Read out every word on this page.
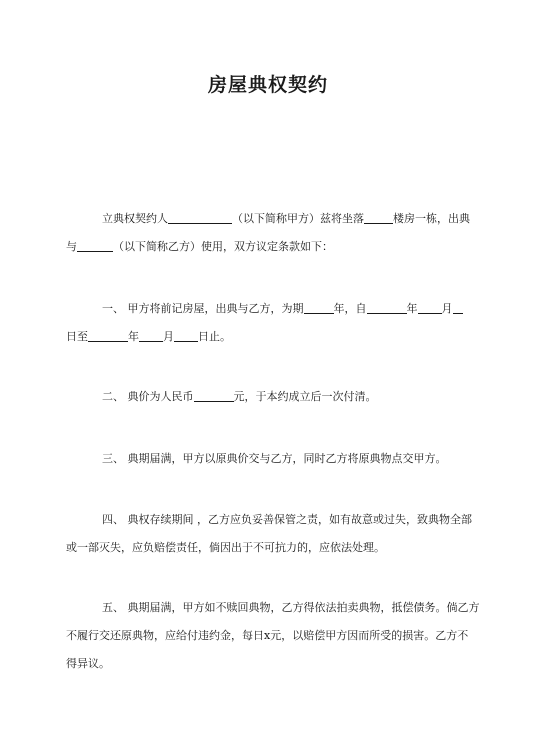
房屋典权契约
立典权契约人	（以下简称甲方）兹将坐落	楼房一栋，出典
与	（以下简称乙方）使用，双方议定条款如下：
一、 甲方将前记房屋，出典与乙方，为期	年，自	年 月
日至	年 月 日止。
二、 典价为人民币	元，于本约成立后一次付清。
三、 典期届满，甲方以原典价交与乙方，同时乙方将原典物点交甲方。
四、 典权存续期间 ，乙方应负妥善保管之责，如有故意或过失，致典物全部
或一部灭失，应负赔偿责任，倘因出于不可抗力的，应依法处理。
五、 典期届满，甲方如不赎回典物，乙方得依法拍卖典物，抵偿债务。倘乙方
不履行交还原典物，应给付违约金，每日x元，以赔偿甲方因而所受的损害。乙方不
得异议。
